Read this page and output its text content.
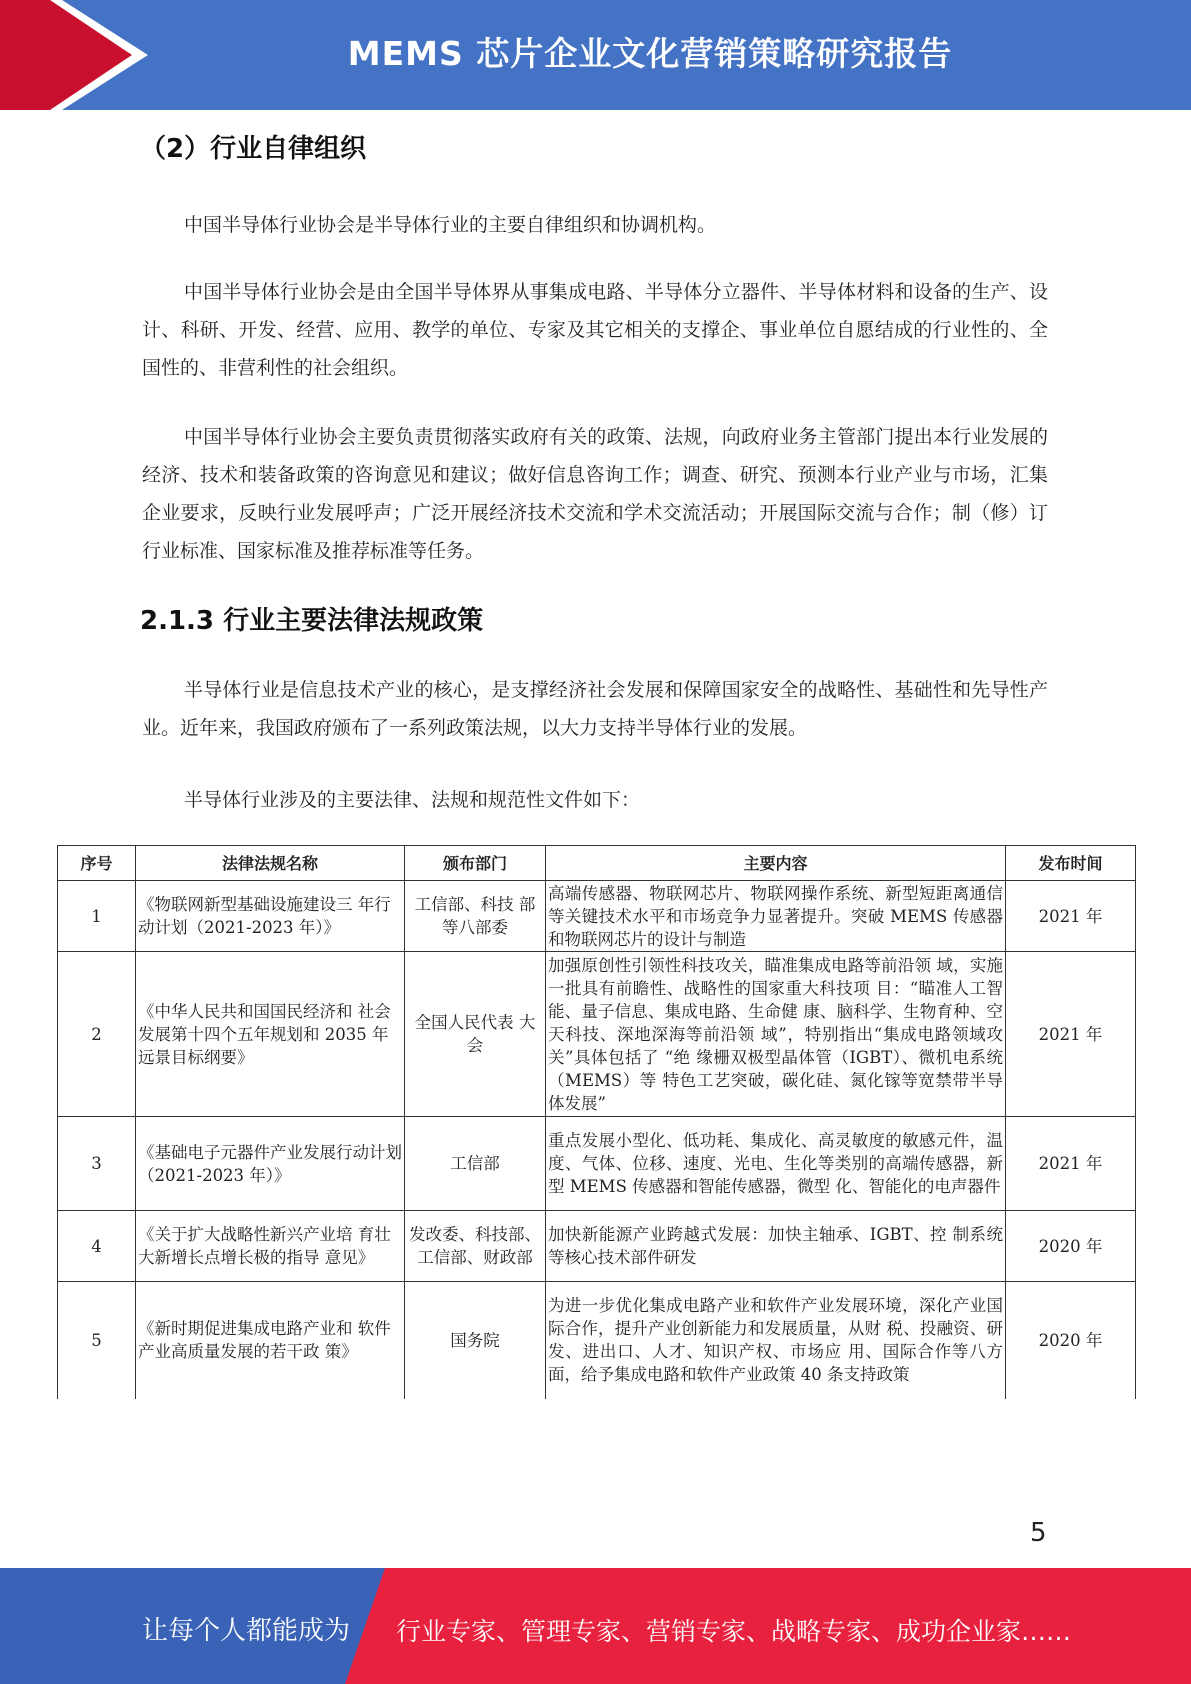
MEMS 芯片企业文化营销策略研究报告
（2）行业自律组织

中国半导体行业协会是半导体行业的主要自律组织和协调机构。

中国半导体行业协会是由全国半导体界从事集成电路、半导体分立器件、半导体材料和设备的生产、设计、科研、开发、经营、应用、教学的单位、专家及其它相关的支撑企、事业单位自愿结成的行业性的、全国性的、非营利性的社会组织。

中国半导体行业协会主要负责贯彻落实政府有关的政策、法规，向政府业务主管部门提出本行业发展的经济、技术和装备政策的咨询意见和建议；做好信息咨询工作；调查、研究、预测本行业产业与市场，汇集企业要求，反映行业发展呼声；广泛开展经济技术交流和学术交流活动；开展国际交流与合作；制（修）订行业标准、国家标准及推荐标准等任务。

2.1.3 行业主要法律法规政策

半导体行业是信息技术产业的核心，是支撑经济社会发展和保障国家安全的战略性、基础性和先导性产业。近年来，我国政府颁布了一系列政策法规，以大力支持半导体行业的发展。

半导体行业涉及的主要法律、法规和规范性文件如下：

序号	法律法规名称	颁布部门	主要内容	发布时间
1	《物联网新型基础设施建设三 年行动计划（2021-2023 年）》	工信部、科技 部等八部委	高端传感器、物联网芯片、物联网操作系统、新型短距离通信等关键技术水平和市场竞争力显著提升。突破 MEMS 传感器和物联网芯片的设计与制造	2021 年
2	《中华人民共和国国民经济和 社会发展第十四个五年规划和 2035 年远景目标纲要》	全国人民代表 大会	加强原创性引领性科技攻关，瞄准集成电路等前沿领 域，实施一批具有前瞻性、战略性的国家重大科技项 目：“瞄准人工智能、量子信息、集成电路、生命健 康、脑科学、生物育种、空天科技、深地深海等前沿领 域”，特别指出“集成电路领域攻关”具体包括了 “绝 缘栅双极型晶体管（IGBT）、微机电系统（MEMS）等 特色工艺突破，碳化硅、氮化镓等宽禁带半导体发展”	2021 年
3	《基础电子元器件产业发展行动计划（2021-2023 年）》	工信部	重点发展小型化、低功耗、集成化、高灵敏度的敏感元件，温度、气体、位移、速度、光电、生化等类别的高端传感器，新型 MEMS 传感器和智能传感器，微型 化、智能化的电声器件	2021 年
4	《关于扩大战略性新兴产业培 育壮大新增长点增长极的指导 意见》	发改委、科技部、工信部、财政部	加快新能源产业跨越式发展：加快主轴承、IGBT、控 制系统等核心技术部件研发	2020 年
5	《新时期促进集成电路产业和 软件产业高质量发展的若干政 策》	国务院	为进一步优化集成电路产业和软件产业发展环境，深化产业国际合作，提升产业创新能力和发展质量，从财 税、投融资、研发、进出口、人才、知识产权、市场应 用、国际合作等八方面，给予集成电路和软件产业政策 40 条支持政策	2020 年
5
让每个人都能成为 行业专家、管理专家、营销专家、战略专家、成功企业家……
